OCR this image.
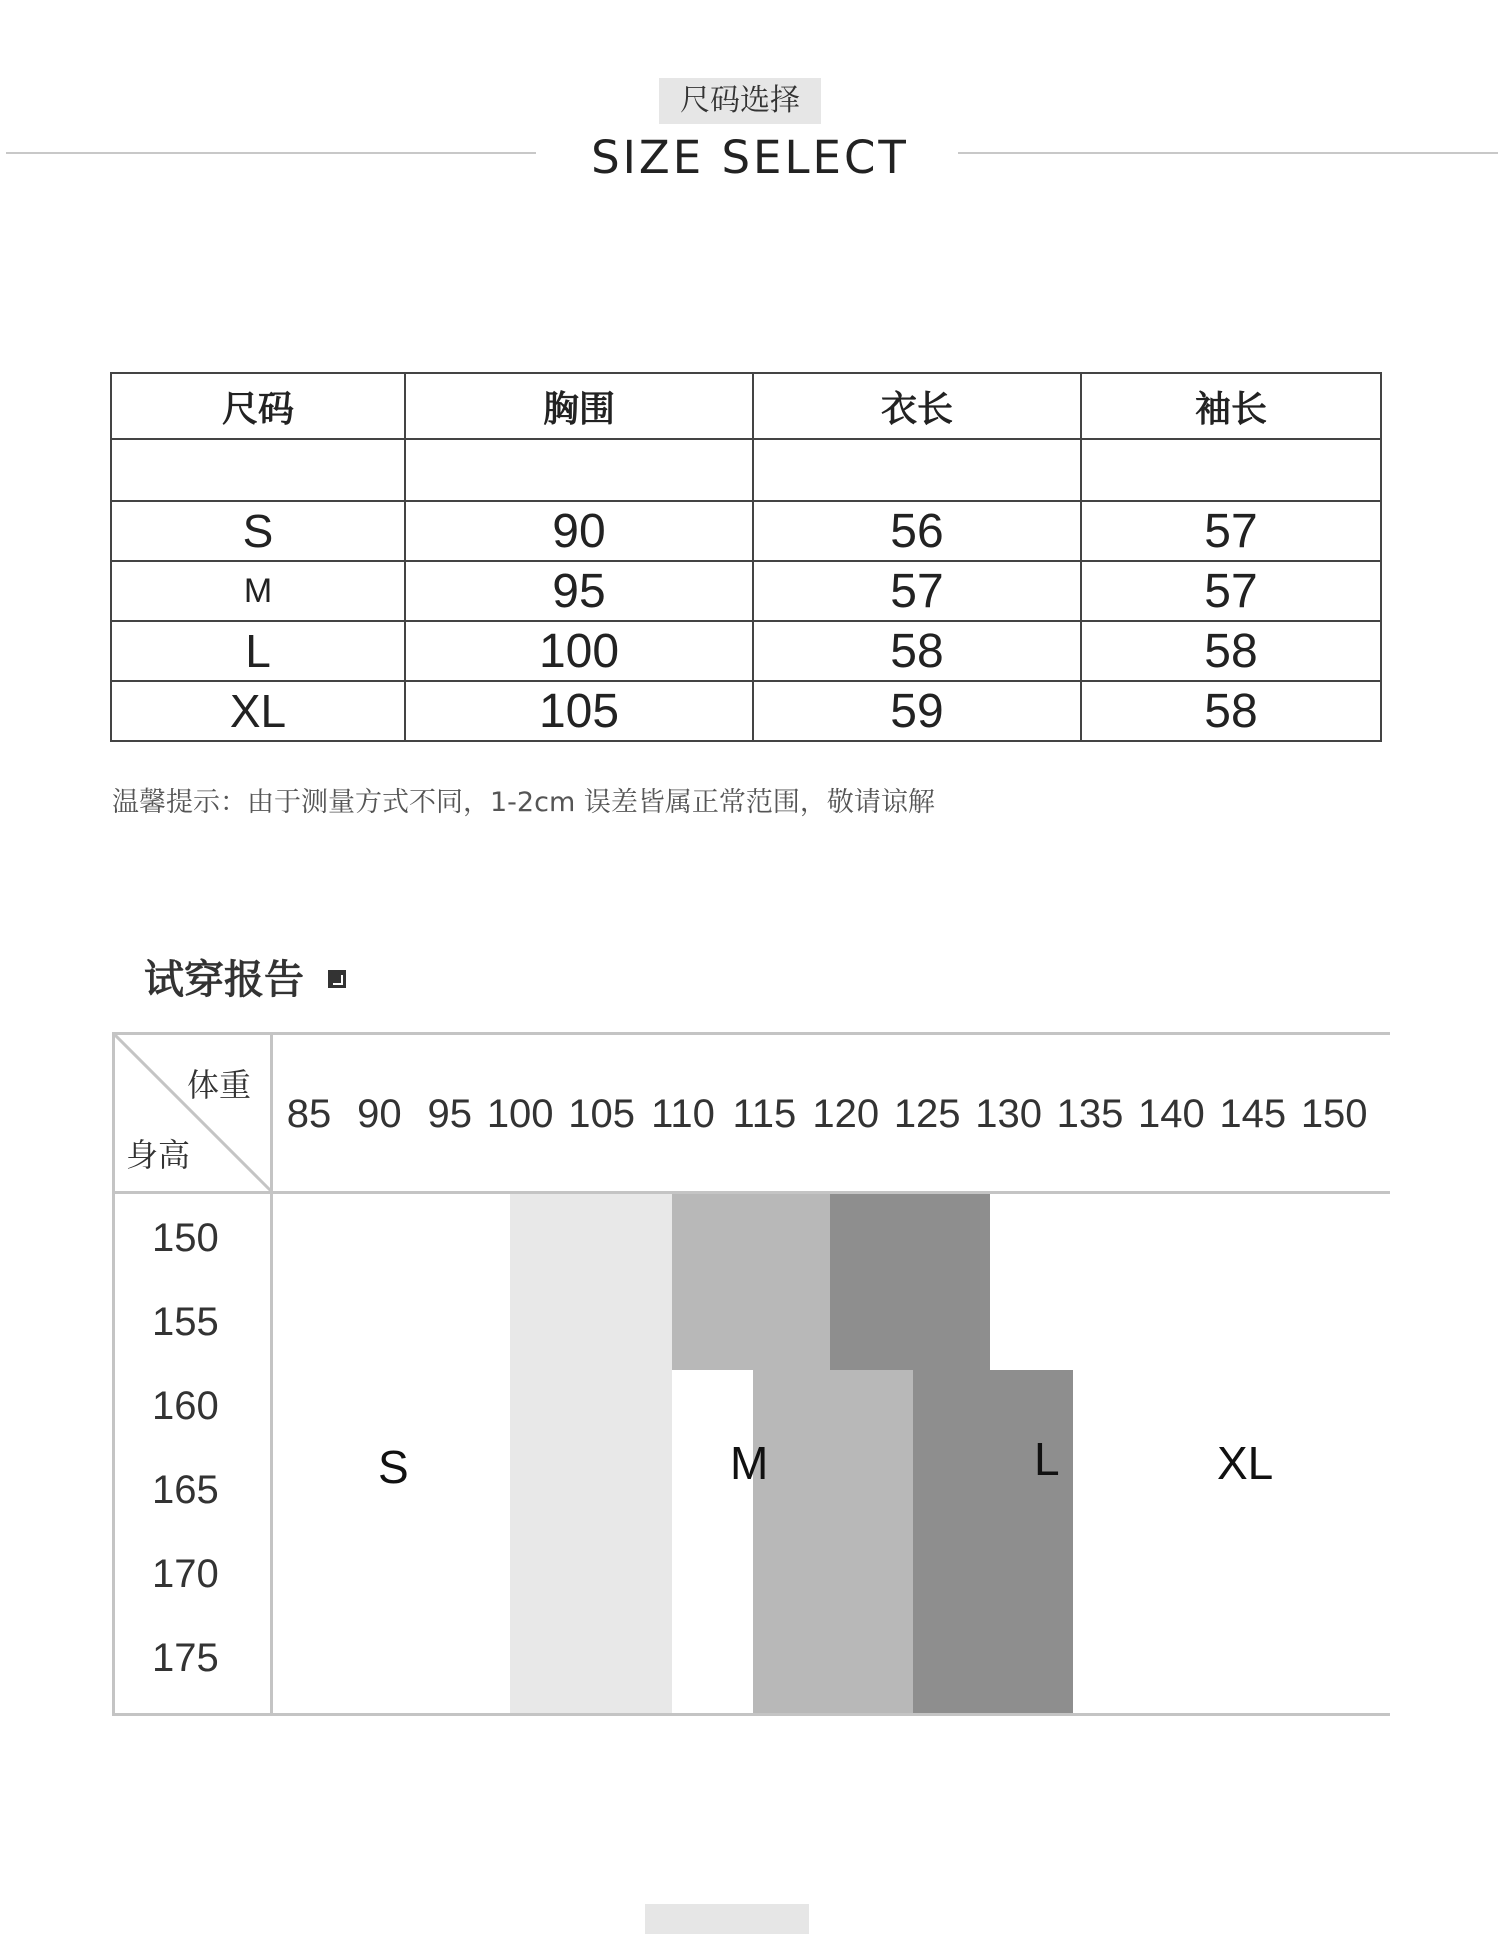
尺码选择
SIZE SELECT
尺码	胸围	衣长	袖长

S	90	56	57
M	95	57	57
L	100	58	58
XL	105	59	58
温馨提示：由于测量方式不同，1-2cm 误差皆属正常范围，敬请谅解
试穿报告
体重
身高
85 90 95 100 105 110 115 120 125 130 135 140 145 150
150
155
160
165
170
175
S	M	L	XL
